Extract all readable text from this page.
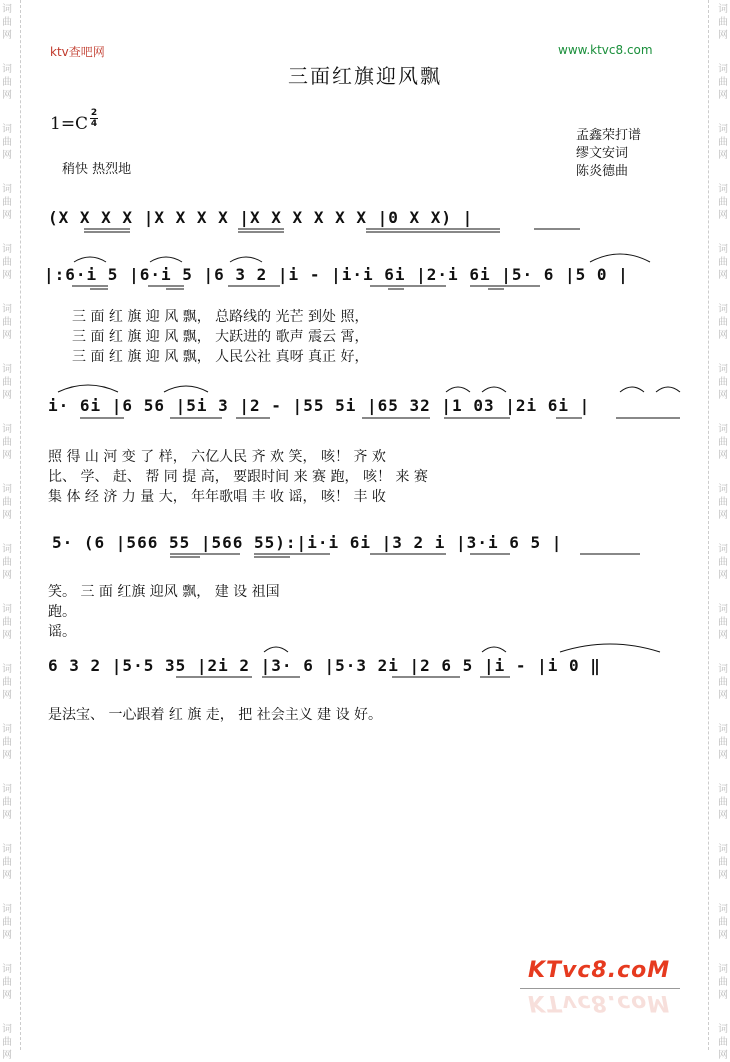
词
曲
网
词
曲
网
词
曲
网
词
曲
网
词
曲
网
词
曲
网
词
曲
网
词
曲
网
词
曲
网
词
曲
网
词
曲
网
词
曲
网
词
曲
网
词
曲
网
词
曲
网
词
曲
网
词
曲
网
词
曲
网
词
曲
网
词
曲
网
词
曲
网
词
曲
网
词
曲
网
词
曲
网
词
曲
网
词
曲
网
词
曲
网
词
曲
网
词
曲
网
词
曲
网
词
曲
网
词
曲
网
词
曲
网
词
曲
网
词
曲
网
词
曲
网
ktv查吧网	www.ktvc8.com
三面红旗迎风飘
1=C
2
4
稍快 热烈地
孟鑫荣打谱
缪文安词
陈炎德曲
(X X X X |X X X X |X X X X X X |0 X X) |
|:6·i 5 |6·i 5 |6 3 2 |i - |i·i 6i |2·i 6i |5· 6 |5 0 |
三 面 红 旗 迎 风 飘， 总路线的 光芒 到处 照，
三 面 红 旗 迎 风 飘， 大跃进的 歌声 震云 霄，
三 面 红 旗 迎 风 飘， 人民公社 真呀 真正 好，
i· 6i |6 56 |5i 3 |2 - |55 5i |65 32 |1 03 |2i 6i |
照 得 山 河 变 了 样， 六亿人民 齐 欢 笑， 咳！ 齐 欢
比、 学、 赶、 帮 同 提 高， 要跟时间 来 赛 跑， 咳！ 来 赛
集 体 经 济 力 量 大， 年年歌唱 丰 收 谣， 咳！ 丰 收
5· (6 |566 55 |566 55):|i·i 6i |3 2 i |3·i 6 5 |
笑。 三 面 红旗 迎风 飘， 建 设 祖国
跑。
谣。
6 3 2 |5·5 35 |2i 2 |3· 6 |5·3 2i |2 6 5 |i - |i 0 ‖
是法宝、 一心跟着 红 旗 走， 把 社会主义 建 设 好。
KTvc8.coM
KTvc8.coM
